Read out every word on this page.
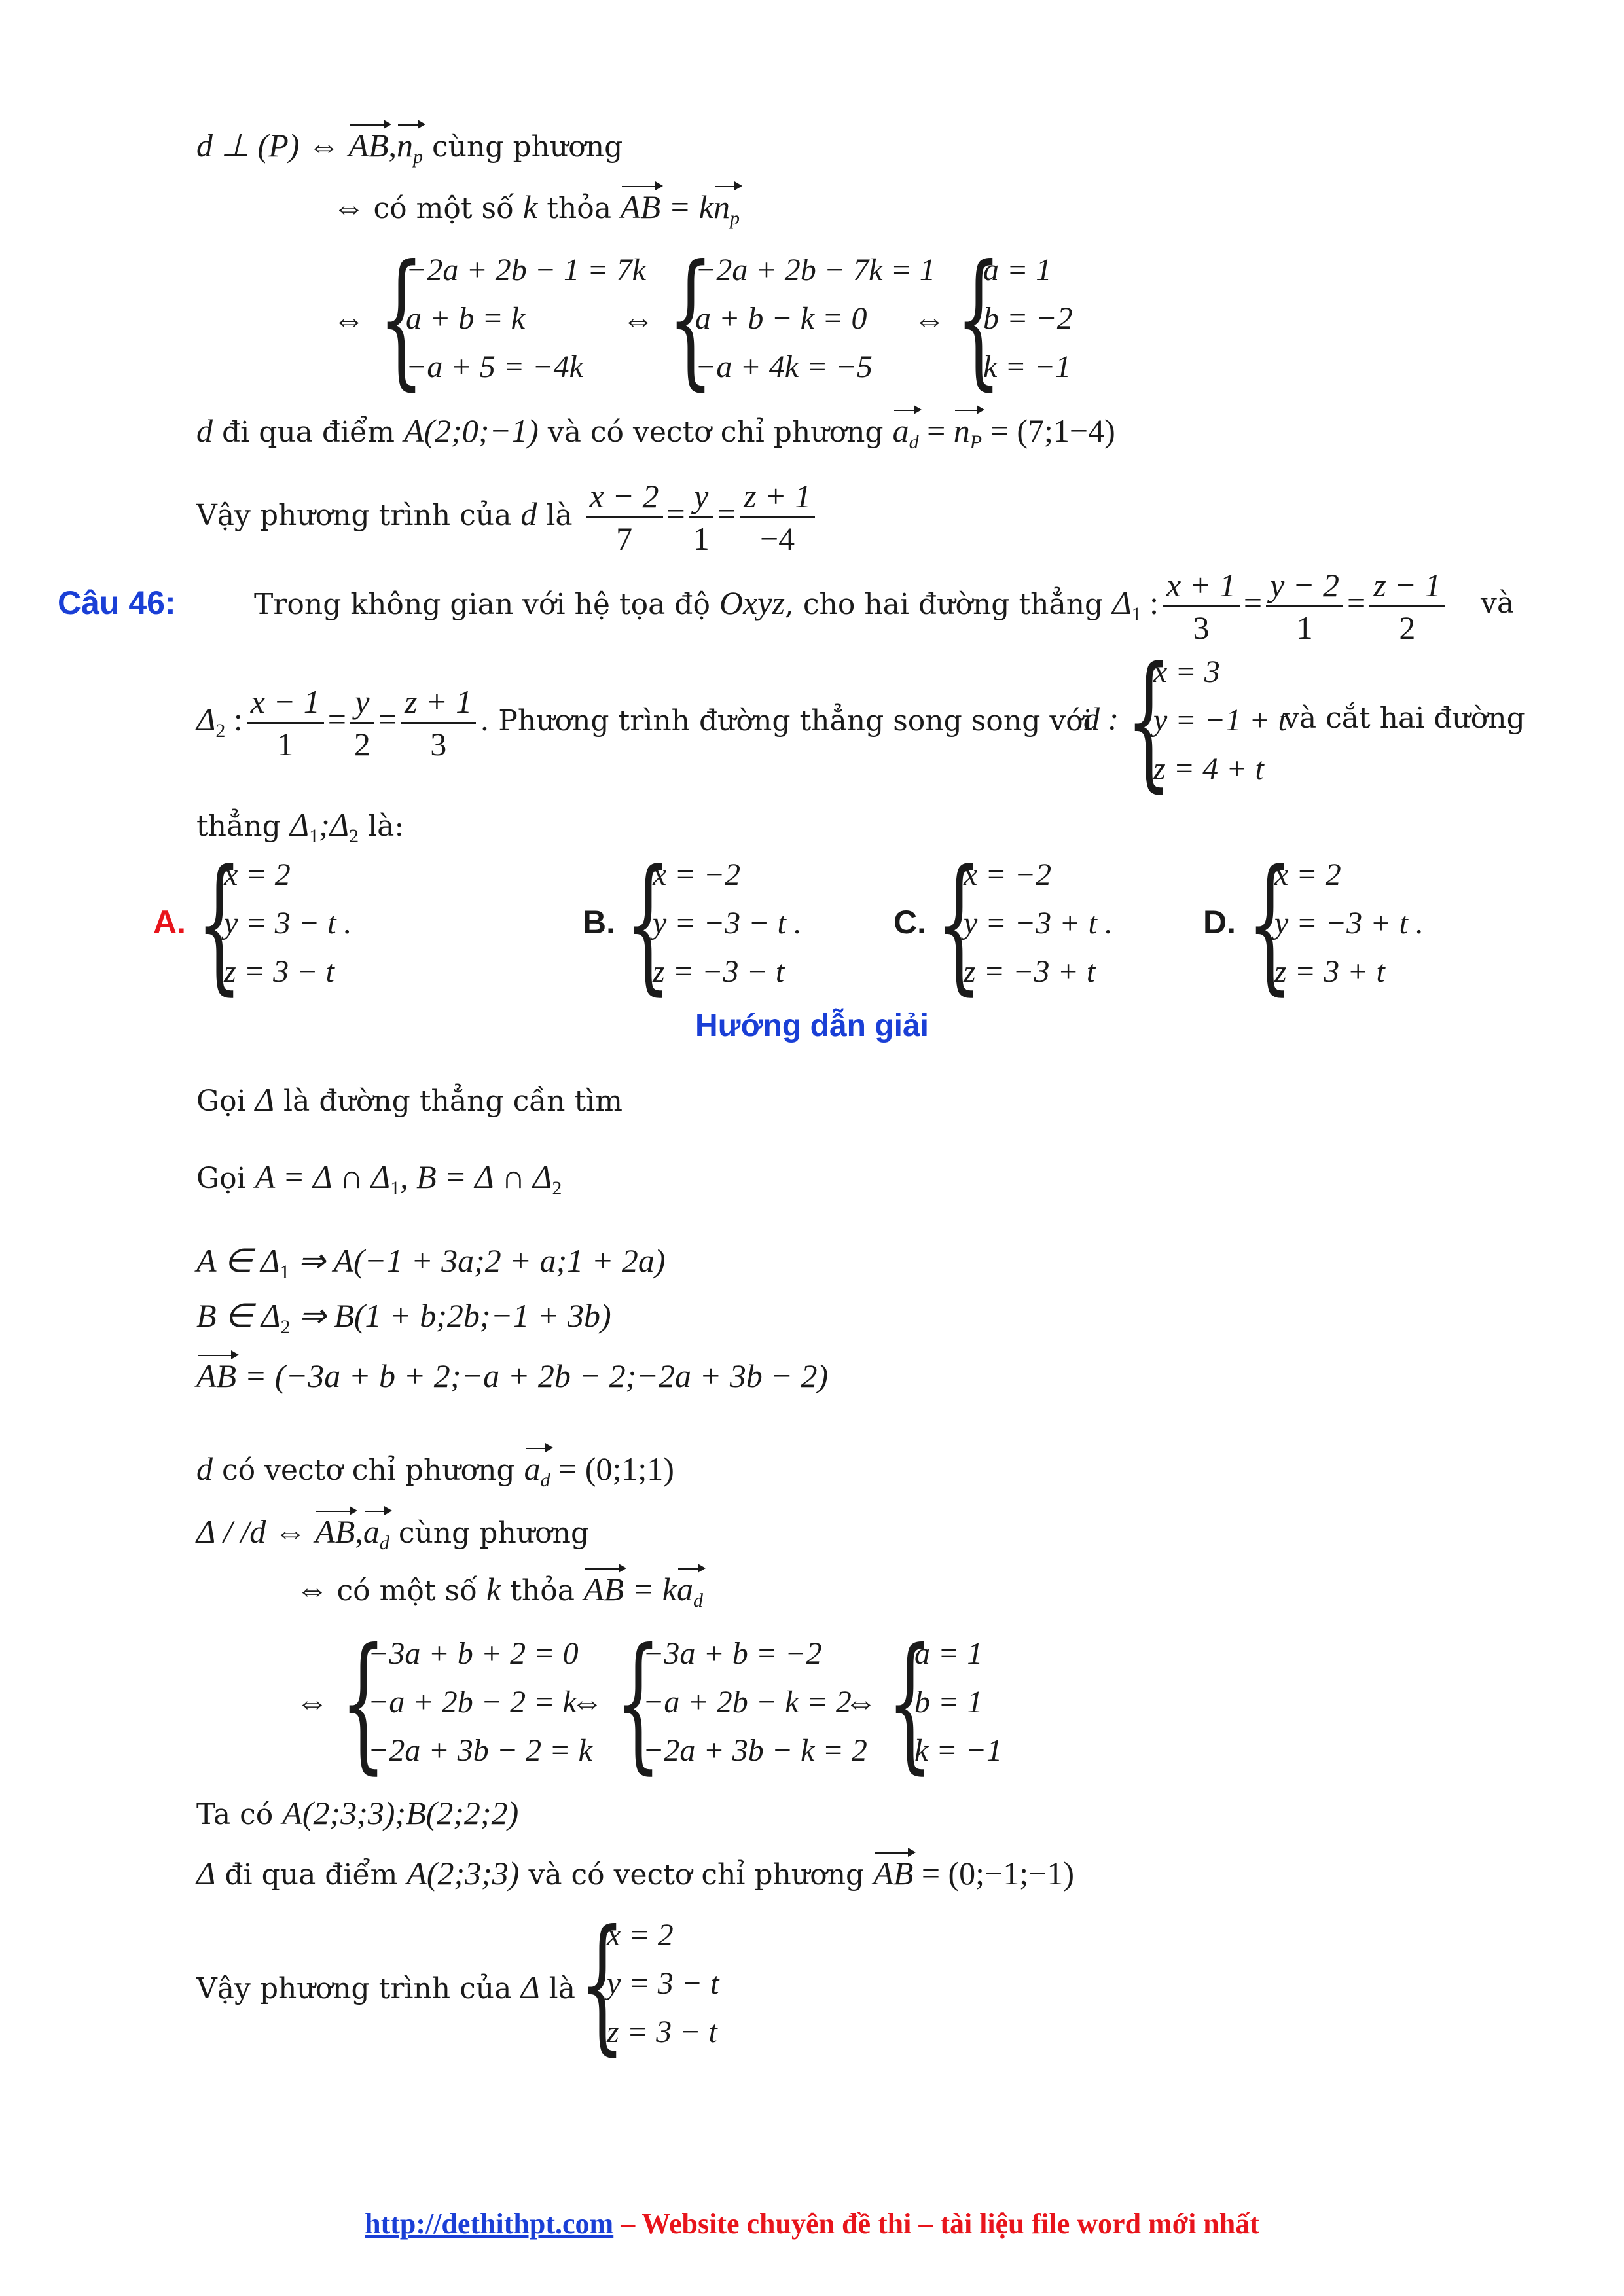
d ⊥ (P) ⇔ $AB,n_p$ cùng phương
⇔ có một số k thỏa AB = $kn_p$
⇔ {
−2a + 2b − 1 = 7k
a + b = k
−a + 5 = −4k
⇔ {
−2a + 2b − 7k = 1
a + b − k = 0
−a + 4k = −5
⇔ {
a = 1
b = −2
k = −1
d đi qua điểm A(2;0;−1) và có vectơ chỉ phương $a_d = n_P$ = (7;1−4)
Vậy phương trình của d là $\frac{x - 2}{7} = \frac{y}{1} = \frac{z + 1}{-4}$
Câu 46:	Trong không gian với hệ tọa độ Oxyz, cho hai đường thẳng $\Delta_1$ : $\frac{x + 1}{3} = \frac{y - 2}{1} = \frac{z - 1}{2}$ và
$\Delta_2$ : $\frac{x - 1}{1} = \frac{y}{2} = \frac{z + 1}{3}$ . Phương trình đường thẳng song song với
d : {
x = 3
y = −1 + t
z = 4 + t
và cắt hai đường
thẳng $\Delta_1;\Delta_2$ là:
A. {
x = 2
y = 3 − t .
z = 3 − t
B. {
x = −2
y = −3 − t .
z = −3 − t
C. {
x = −2
y = −3 + t .
z = −3 + t
D. {
x = 2
y = −3 + t .
z = 3 + t
Hướng dẫn giải
Gọi Δ là đường thẳng cần tìm
Gọi A = Δ ∩ $\Delta_1$, B = Δ ∩ $\Delta_2$
A ∈ $\Delta_1$ ⇒ A(−1 + 3a;2 + a;1 + 2a)
B ∈ $\Delta_2$ ⇒ B(1 + b;2b;−1 + 3b)
AB = (−3a + b + 2;−a + 2b − 2;−2a + 3b − 2)
d có vectơ chỉ phương $a_d$ = (0;1;1)
Δ / /d ⇔ $AB,a_d$ cùng phương
⇔ có một số k thỏa AB = $ka_d$
⇔ {
−3a + b + 2 = 0
−a + 2b − 2 = k
−2a + 3b − 2 = k
⇔ {
−3a + b = −2
−a + 2b − k = 2
−2a + 3b − k = 2
⇔ {
a = 1
b = 1
k = −1
Ta có A(2;3;3);B(2;2;2)
Δ đi qua điểm A(2;3;3) và có vectơ chỉ phương AB = (0;−1;−1)
Vậy phương trình của Δ là {
x = 2
y = 3 − t
z = 3 − t
http://dethithpt.com – Website chuyên đề thi – tài liệu file word mới nhất
